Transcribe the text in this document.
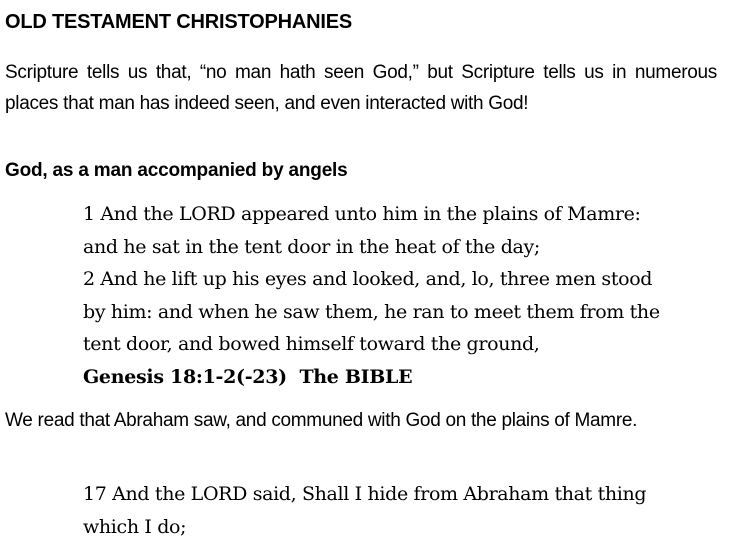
OLD TESTAMENT CHRISTOPHANIES
Scripture tells us that, “no man hath seen God,” but Scripture tells us in numerous places that man has indeed seen, and even interacted with God!
God, as a man accompanied by angels
1 And the LORD appeared unto him in the plains of Mamre:
and he sat in the tent door in the heat of the day;
2 And he lift up his eyes and looked, and, lo, three men stood
by him: and when he saw them, he ran to meet them from the
tent door, and bowed himself toward the ground,
Genesis 18:1-2(-23)  The BIBLE
We read that Abraham saw, and communed with God on the plains of Mamre.
17 And the LORD said, Shall I hide from Abraham that thing
which I do;
